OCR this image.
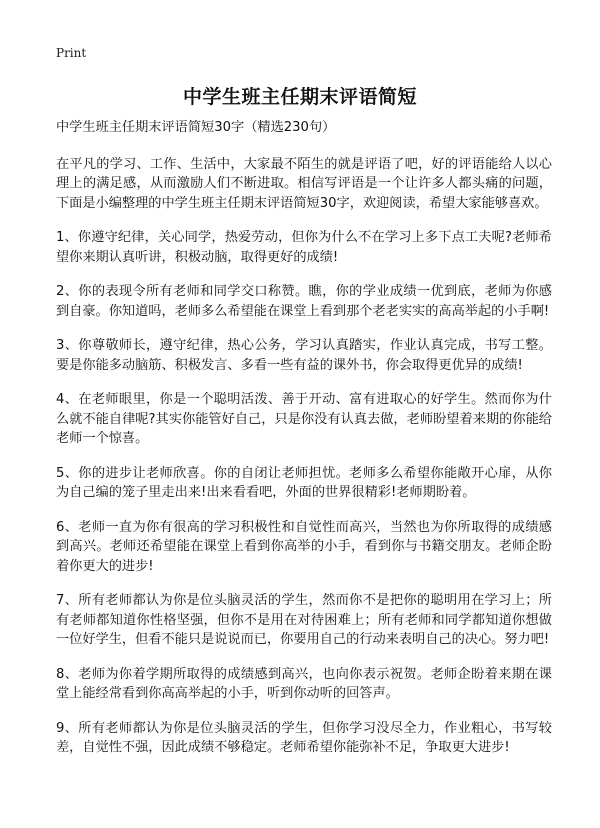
Print
中学生班主任期末评语简短

中学生班主任期末评语简短30字（精选230句）

在平凡的学习、工作、生活中，大家最不陌生的就是评语了吧，好的评语能给人以心理上的满足感，从而激励人们不断进取。相信写评语是一个让许多人都头痛的问题，下面是小编整理的中学生班主任期末评语简短30字，欢迎阅读，希望大家能够喜欢。

1、你遵守纪律，关心同学，热爱劳动，但你为什么不在学习上多下点工夫呢?老师希望你来期认真听讲，积极动脑，取得更好的成绩!

2、你的表现令所有老师和同学交口称赞。瞧，你的学业成绩一优到底，老师为你感到自豪。你知道吗，老师多么希望能在课堂上看到那个老老实实的高高举起的小手啊!

3、你尊敬师长，遵守纪律，热心公务，学习认真踏实，作业认真完成，书写工整。要是你能多动脑筋、积极发言、多看一些有益的课外书，你会取得更优异的成绩!

4、在老师眼里，你是一个聪明活泼、善于开动、富有进取心的好学生。然而你为什么就不能自律呢?其实你能管好自己，只是你没有认真去做，老师盼望着来期的你能给老师一个惊喜。

5、你的进步让老师欣喜。你的自闭让老师担忧。老师多么希望你能敞开心扉，从你为自己编的笼子里走出来!出来看看吧，外面的世界很精彩!老师期盼着。

6、老师一直为你有很高的学习积极性和自觉性而高兴，当然也为你所取得的成绩感到高兴。老师还希望能在课堂上看到你高举的小手，看到你与书籍交朋友。老师企盼着你更大的进步!

7、所有老师都认为你是位头脑灵活的学生，然而你不是把你的聪明用在学习上；所有老师都知道你性格坚强，但你不是用在对待困难上；所有老师和同学都知道你想做一位好学生，但看不能只是说说而已，你要用自己的行动来表明自己的决心。努力吧!

8、老师为你着学期所取得的成绩感到高兴，也向你表示祝贺。老师企盼着来期在课堂上能经常看到你高高举起的小手，听到你动听的回答声。

9、所有老师都认为你是位头脑灵活的学生，但你学习没尽全力，作业粗心，书写较差，自觉性不强，因此成绩不够稳定。老师希望你能弥补不足，争取更大进步!
